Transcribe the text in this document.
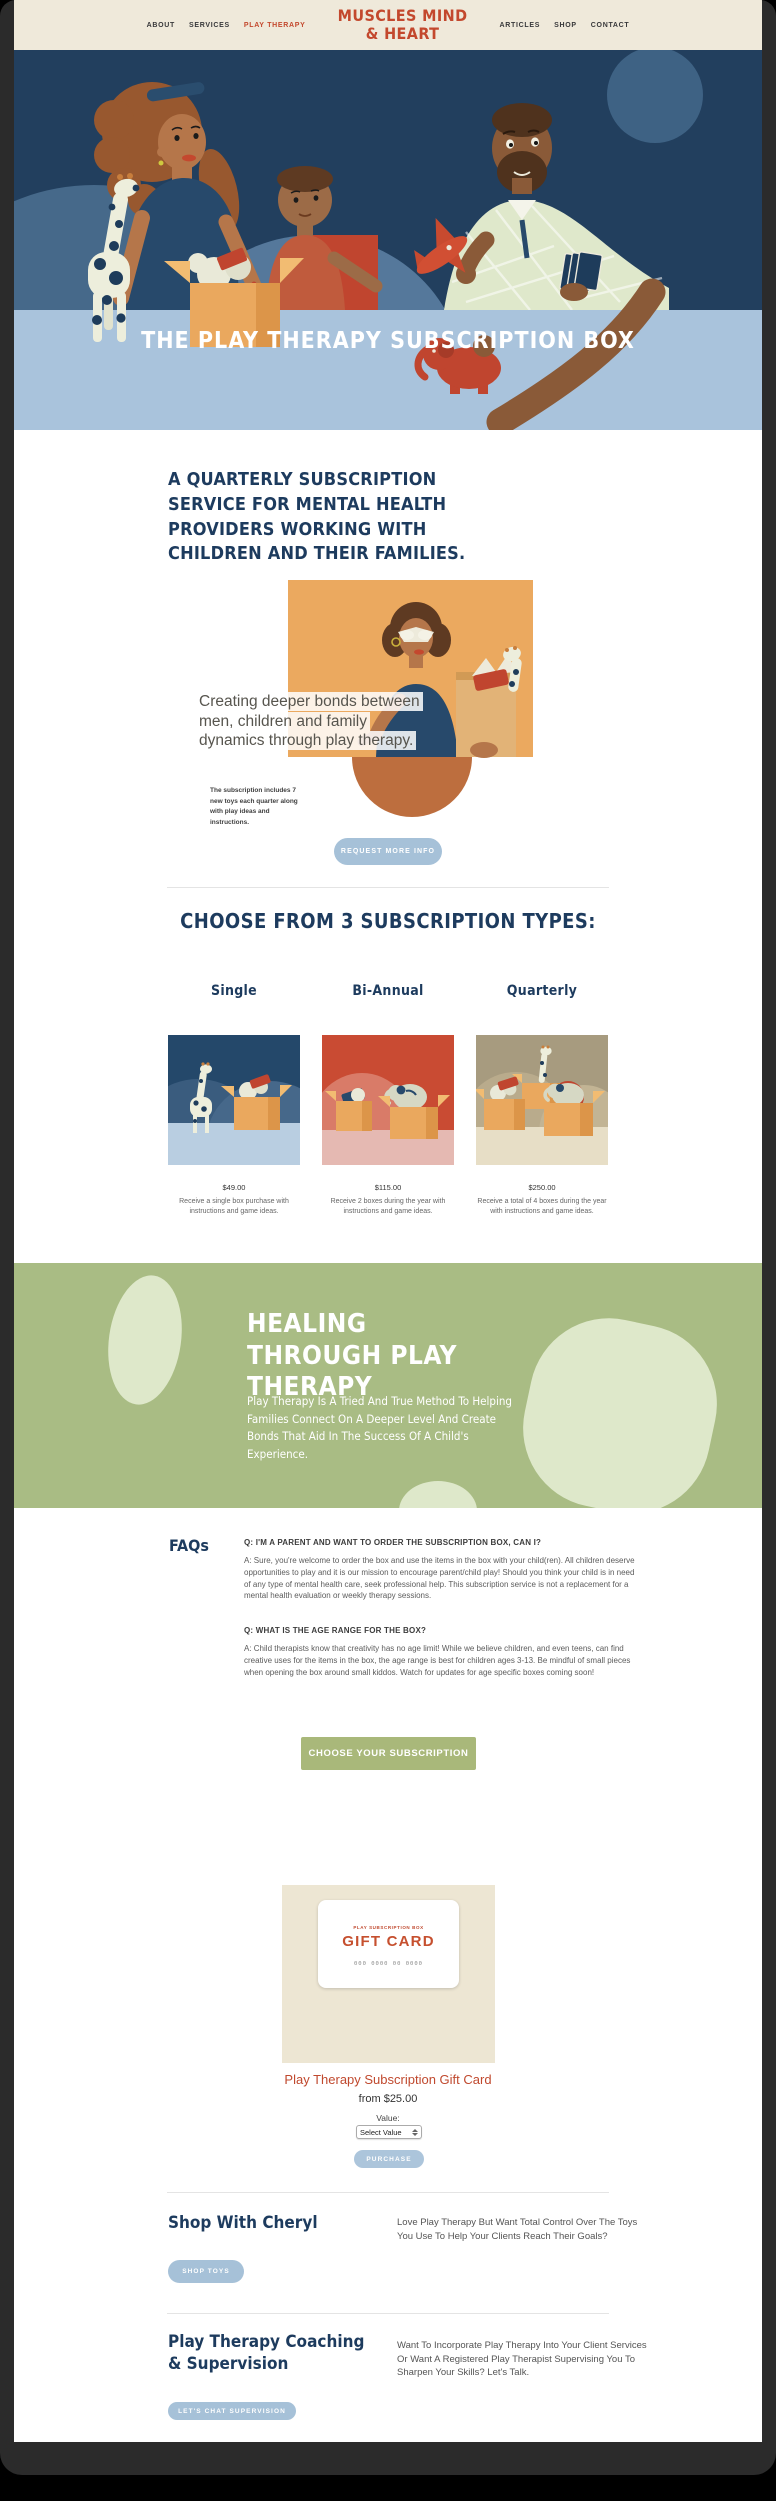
ABOUT SERVICES PLAY THERAPY	MUSCLES MIND
& HEART	ARTICLES SHOP CONTACT
THE PLAY THERAPY SUBSCRIPTION BOX
A QUARTERLY SUBSCRIPTION SERVICE FOR MENTAL HEALTH PROVIDERS WORKING WITH CHILDREN AND THEIR FAMILIES.
Creating deeper bonds between men, children and family dynamics through play therapy.
The subscription includes 7 new toys each quarter along with play ideas and instructions.
REQUEST MORE INFO
CHOOSE FROM 3 SUBSCRIPTION TYPES:
Single
$49.00
Receive a single box purchase with instructions and game ideas.
Bi-Annual
$115.00
Receive 2 boxes during the year with instructions and game ideas.
Quarterly
$250.00
Receive a total of 4 boxes during the year with instructions and game ideas.
HEALING THROUGH PLAY THERAPY
Play Therapy Is A Tried And True Method To Helping Families Connect On A Deeper Level And Create Bonds That Aid In The Success Of A Child's Experience.
FAQs	Q: I'M A PARENT AND WANT TO ORDER THE SUBSCRIPTION BOX, CAN I?
A: Sure, you're welcome to order the box and use the items in the box with your child(ren). All children deserve opportunities to play and it is our mission to encourage parent/child play! Should you think your child is in need of any type of mental health care, seek professional help. This subscription service is not a replacement for a mental health evaluation or weekly therapy sessions.
Q: WHAT IS THE AGE RANGE FOR THE BOX?
A: Child therapists know that creativity has no age limit! While we believe children, and even teens, can find creative uses for the items in the box, the age range is best for children ages 3-13. Be mindful of small pieces when opening the box around small kiddos. Watch for updates for age specific boxes coming soon!
CHOOSE YOUR SUBSCRIPTION
PLAY SUBSCRIPTION BOX
GIFT CARD
000 0000 00 0000
Play Therapy Subscription Gift Card
from $25.00
Value:
Select Value
PURCHASE
Shop With Cheryl	Love Play Therapy But Want Total Control Over The Toys You Use To Help Your Clients Reach Their Goals?
SHOP TOYS
Play Therapy Coaching & Supervision
Want To Incorporate Play Therapy Into Your Client Services Or Want A Registered Play Therapist Supervising You To Sharpen Your Skills? Let's Talk.
LET'S CHAT SUPERVISION
